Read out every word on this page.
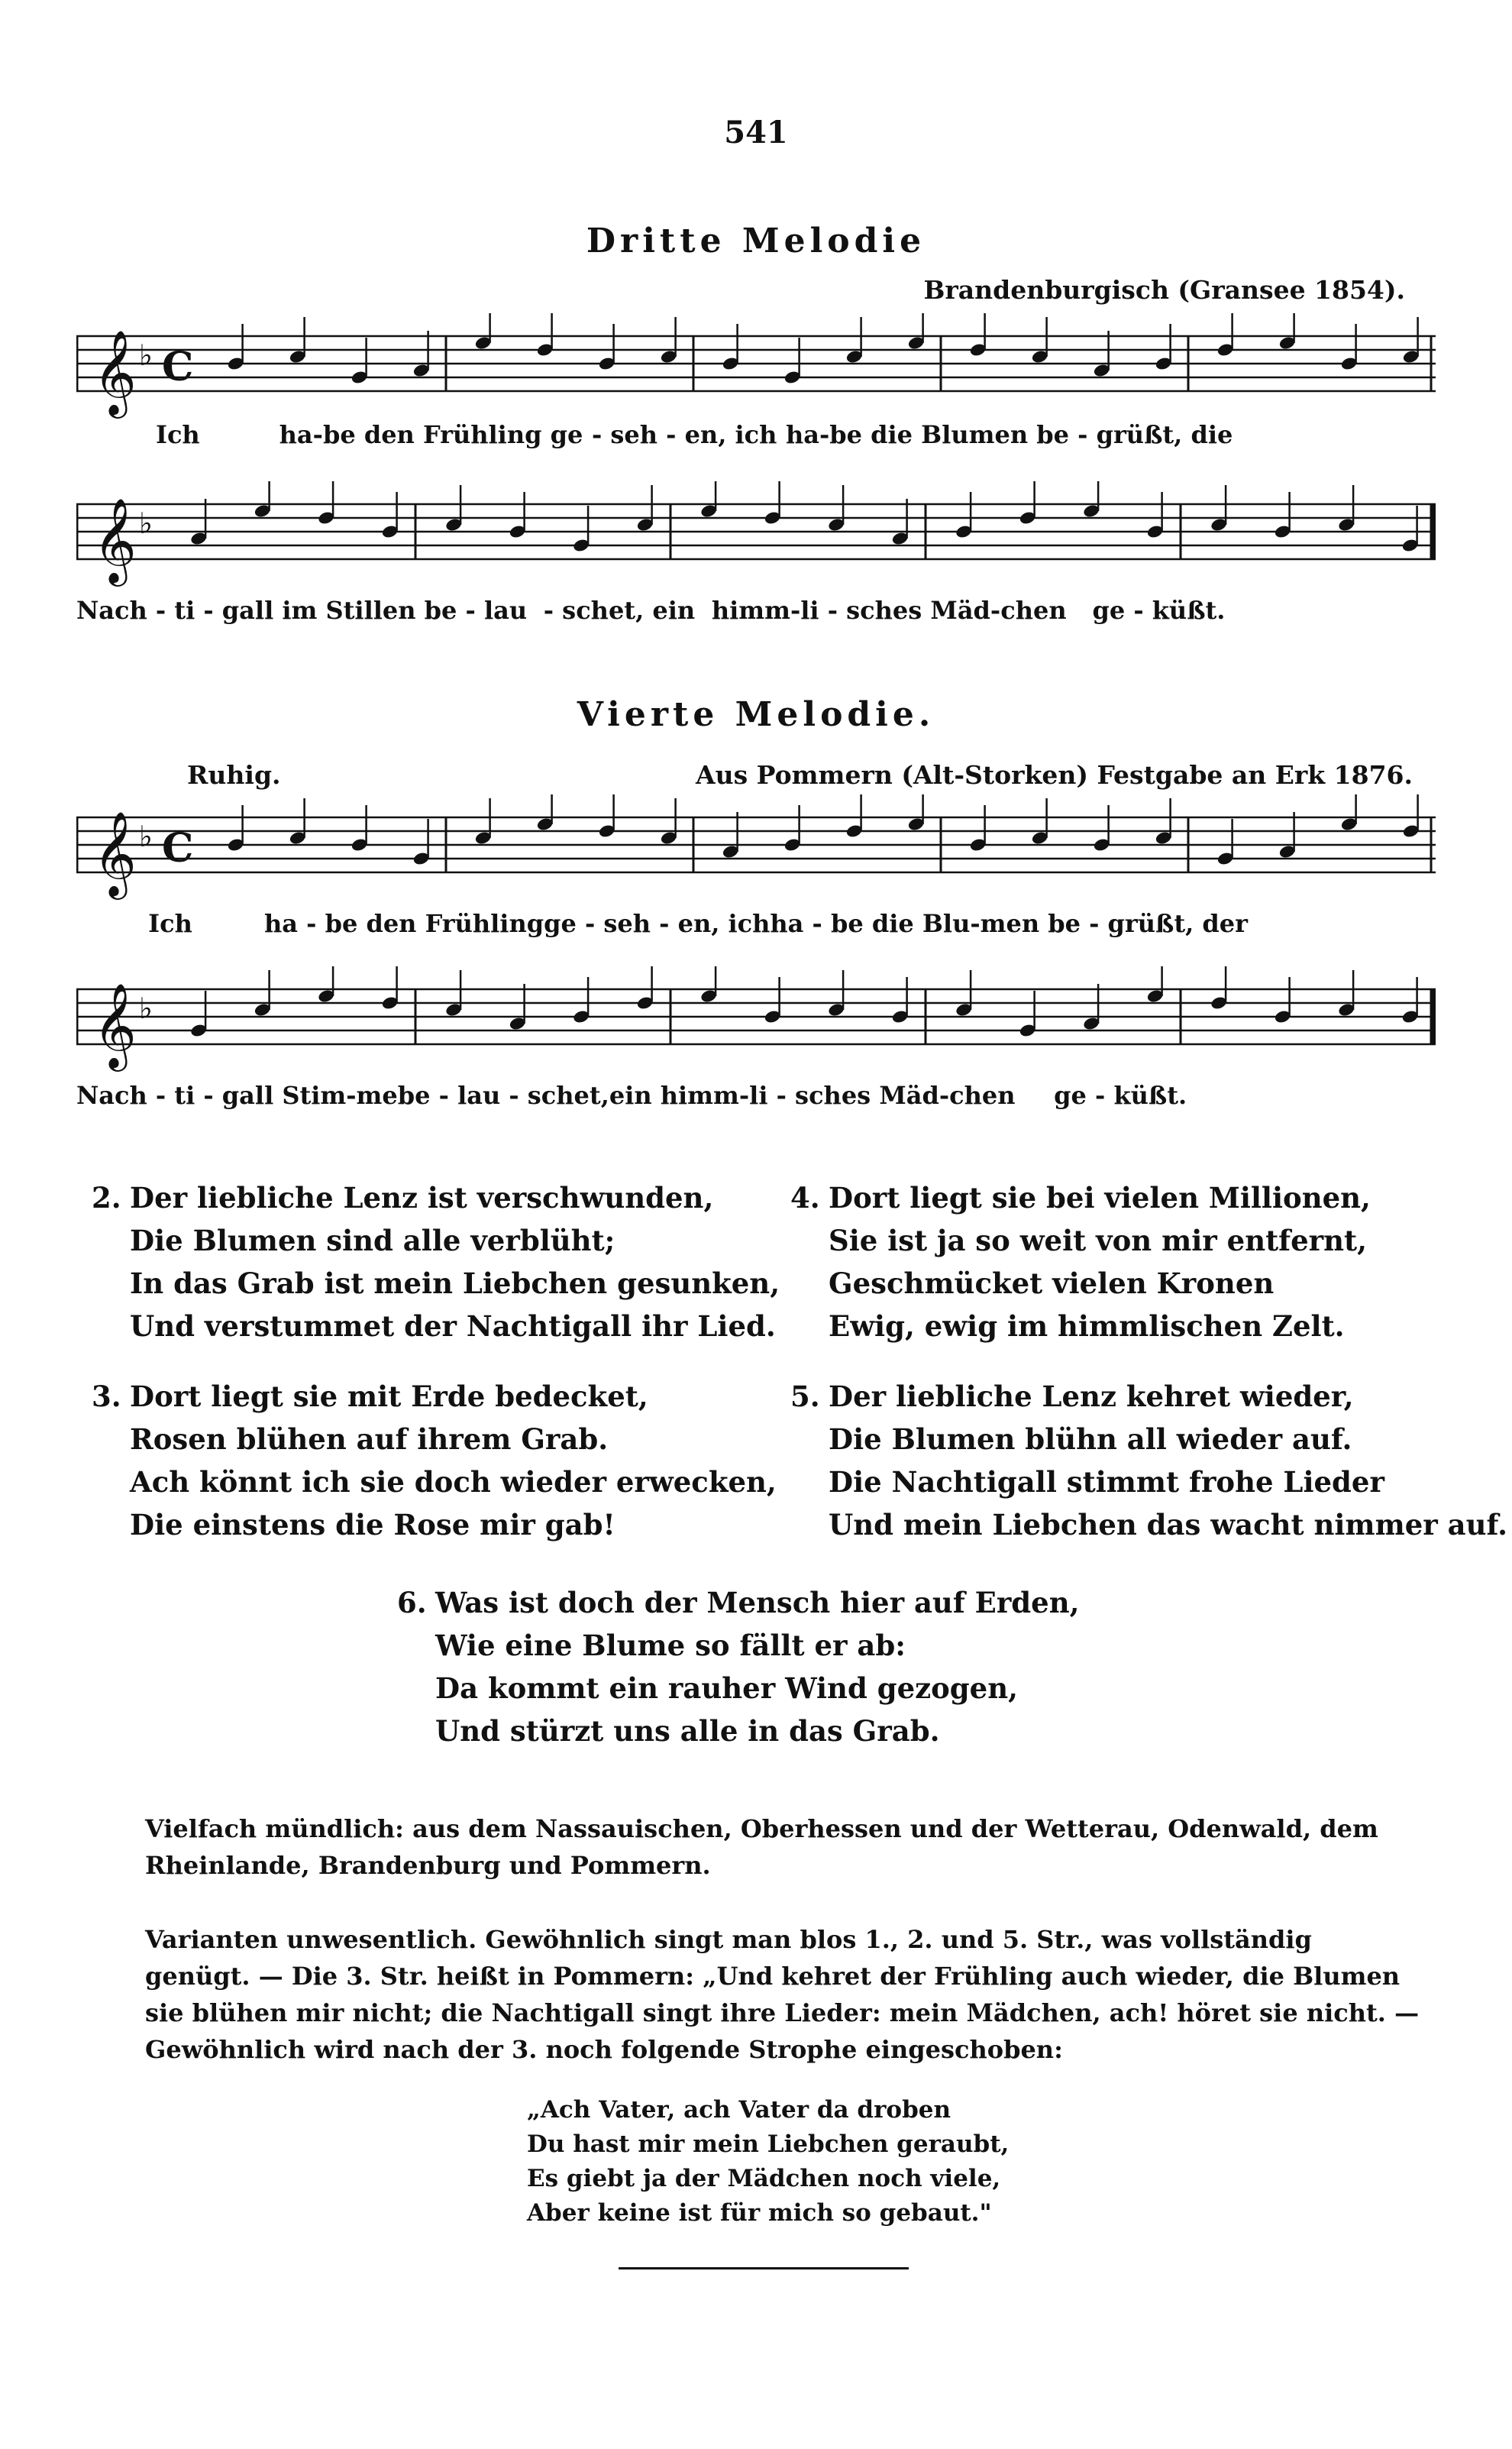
541
Dritte Melodie
Brandenburgisch (Gransee 1854).
𝄞 ♭ C
Ich	ha-be den Frühling ge - seh - en, ich ha-be die Blumen be - grüßt, die
𝄞 ♭
Nach - ti - gall im Stillen be - lau - schet, ein himm-li - sches Mäd-chen	ge - küßt.
Vierte Melodie.
Ruhig.	Aus Pommern (Alt-Storken) Festgabe an Erk 1876.
𝄞 ♭ C
Ich	ha - be den Frühling ge - seh - en, ich ha - be die Blu-men be - grüßt, der
𝄞 ♭
Nach - ti - gall Stim-me be - lau - schet, ein himm-li - sches Mäd-chen	ge - küßt.
2. Der liebliche Lenz ist verschwunden,
Die Blumen sind alle verblüht;
In das Grab ist mein Liebchen gesunken,
Und verstummet der Nachtigall ihr Lied.
3. Dort liegt sie mit Erde bedecket,
Rosen blühen auf ihrem Grab.
Ach könnt ich sie doch wieder erwecken,
Die einstens die Rose mir gab!
4. Dort liegt sie bei vielen Millionen,
Sie ist ja so weit von mir entfernt,
Geschmücket vielen Kronen
Ewig, ewig im himmlischen Zelt.
5. Der liebliche Lenz kehret wieder,
Die Blumen blühn all wieder auf.
Die Nachtigall stimmt frohe Lieder
Und mein Liebchen das wacht nimmer auf.
6. Was ist doch der Mensch hier auf Erden,
Wie eine Blume so fällt er ab:
Da kommt ein rauher Wind gezogen,
Und stürzt uns alle in das Grab.
Vielfach mündlich: aus dem Nassauischen, Oberhessen und der Wetterau, Odenwald, dem Rheinlande, Brandenburg und Pommern.
Varianten unwesentlich. Gewöhnlich singt man blos 1., 2. und 5. Str., was vollständig genügt. — Die 3. Str. heißt in Pommern: „Und kehret der Frühling auch wieder, die Blumen sie blühen mir nicht; die Nachtigall singt ihre Lieder: mein Mädchen, ach! höret sie nicht. — Gewöhnlich wird nach der 3. noch folgende Strophe eingeschoben:
„Ach Vater, ach Vater da droben
Du hast mir mein Liebchen geraubt,
Es giebt ja der Mädchen noch viele,
Aber keine ist für mich so gebaut."
